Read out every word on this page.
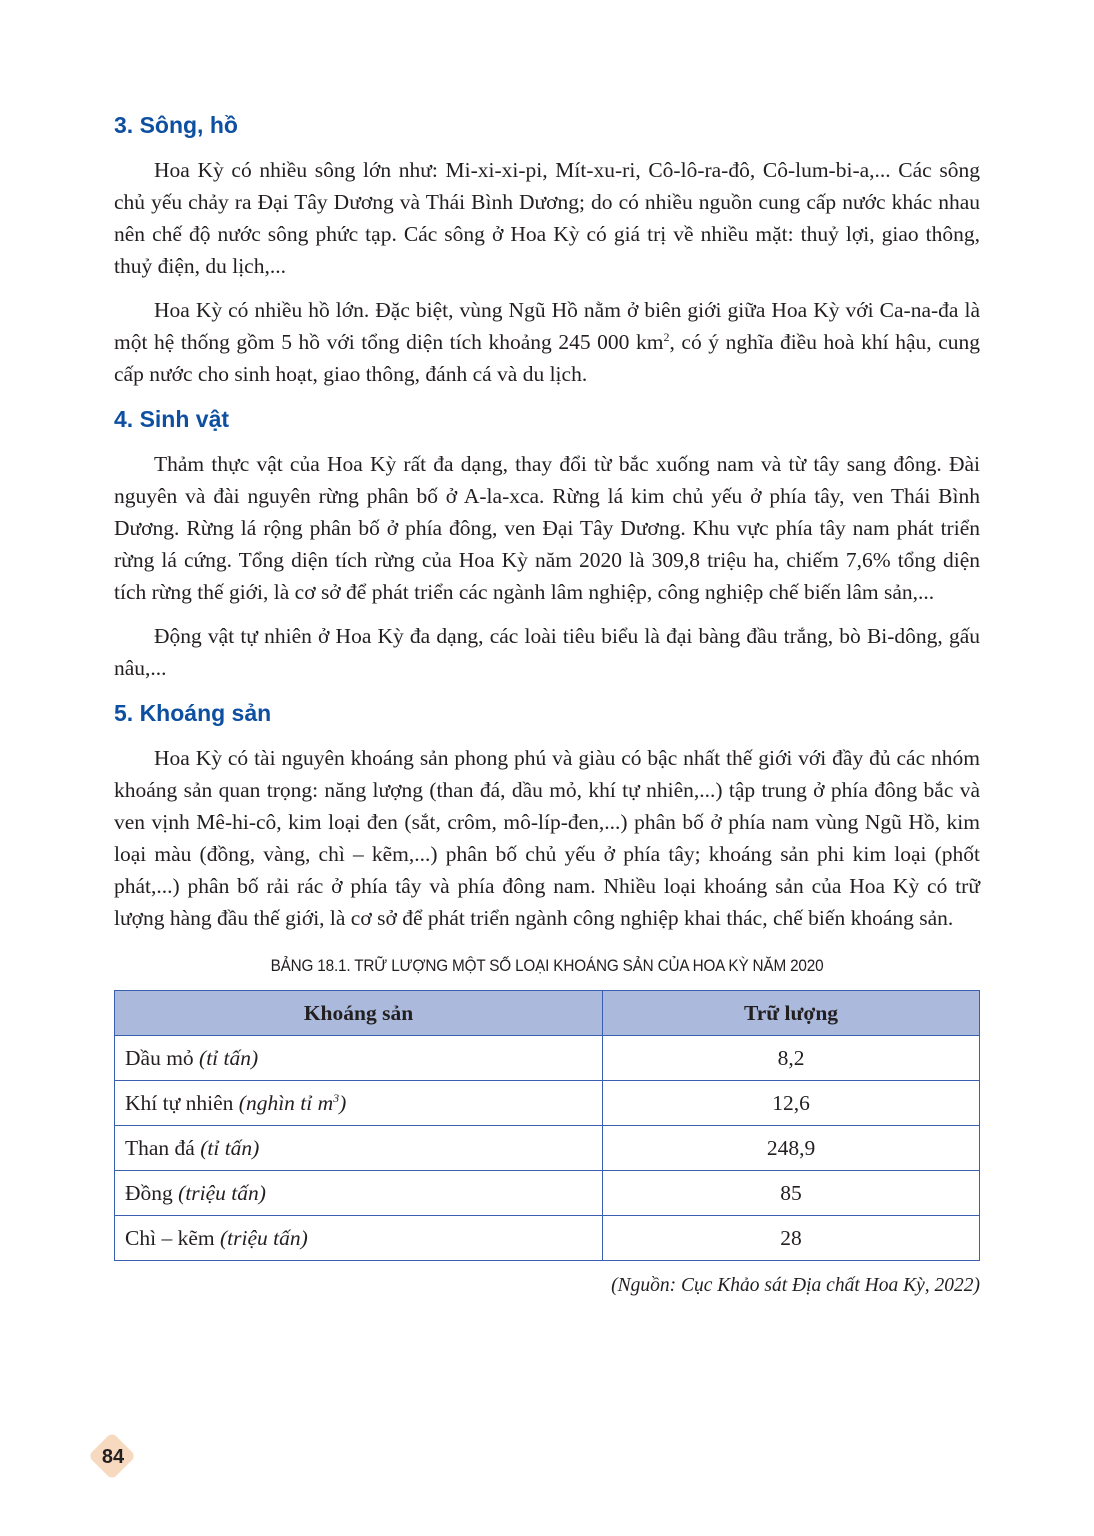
3. Sông, hồ

Hoa Kỳ có nhiều sông lớn như: Mi-xi-xi-pi, Mít-xu-ri, Cô-lô-ra-đô, Cô-lum-bi-a,... Các sông chủ yếu chảy ra Đại Tây Dương và Thái Bình Dương; do có nhiều nguồn cung cấp nước khác nhau nên chế độ nước sông phức tạp. Các sông ở Hoa Kỳ có giá trị về nhiều mặt: thuỷ lợi, giao thông, thuỷ điện, du lịch,...

Hoa Kỳ có nhiều hồ lớn. Đặc biệt, vùng Ngũ Hồ nằm ở biên giới giữa Hoa Kỳ với Ca-na-đa là một hệ thống gồm 5 hồ với tổng diện tích khoảng 245 000 $km^2$, có ý nghĩa điều hoà khí hậu, cung cấp nước cho sinh hoạt, giao thông, đánh cá và du lịch.

4. Sinh vật

Thảm thực vật của Hoa Kỳ rất đa dạng, thay đổi từ bắc xuống nam và từ tây sang đông. Đài nguyên và đài nguyên rừng phân bố ở A-la-xca. Rừng lá kim chủ yếu ở phía tây, ven Thái Bình Dương. Rừng lá rộng phân bố ở phía đông, ven Đại Tây Dương. Khu vực phía tây nam phát triển rừng lá cứng. Tổng diện tích rừng của Hoa Kỳ năm 2020 là 309,8 triệu ha, chiếm 7,6% tổng diện tích rừng thế giới, là cơ sở để phát triển các ngành lâm nghiệp, công nghiệp chế biến lâm sản,...

Động vật tự nhiên ở Hoa Kỳ đa dạng, các loài tiêu biểu là đại bàng đầu trắng, bò Bi-dông, gấu nâu,...

5. Khoáng sản

Hoa Kỳ có tài nguyên khoáng sản phong phú và giàu có bậc nhất thế giới với đầy đủ các nhóm khoáng sản quan trọng: năng lượng (than đá, dầu mỏ, khí tự nhiên,...) tập trung ở phía đông bắc và ven vịnh Mê-hi-cô, kim loại đen (sắt, crôm, mô-líp-đen,...) phân bố ở phía nam vùng Ngũ Hồ, kim loại màu (đồng, vàng, chì – kẽm,...) phân bố chủ yếu ở phía tây; khoáng sản phi kim loại (phốt phát,...) phân bố rải rác ở phía tây và phía đông nam. Nhiều loại khoáng sản của Hoa Kỳ có trữ lượng hàng đầu thế giới, là cơ sở để phát triển ngành công nghiệp khai thác, chế biến khoáng sản.

BẢNG 18.1. TRỮ LƯỢNG MỘT SỐ LOẠI KHOÁNG SẢN CỦA HOA KỲ NĂM 2020
Khoáng sản	Trữ lượng
Dầu mỏ (tỉ tấn)	8,2
Khí tự nhiên (nghìn tỉ $m^3$)	12,6
Than đá (tỉ tấn)	248,9
Đồng (triệu tấn)	85
Chì – kẽm (triệu tấn)	28
(Nguồn: Cục Khảo sát Địa chất Hoa Kỳ, 2022)
84
